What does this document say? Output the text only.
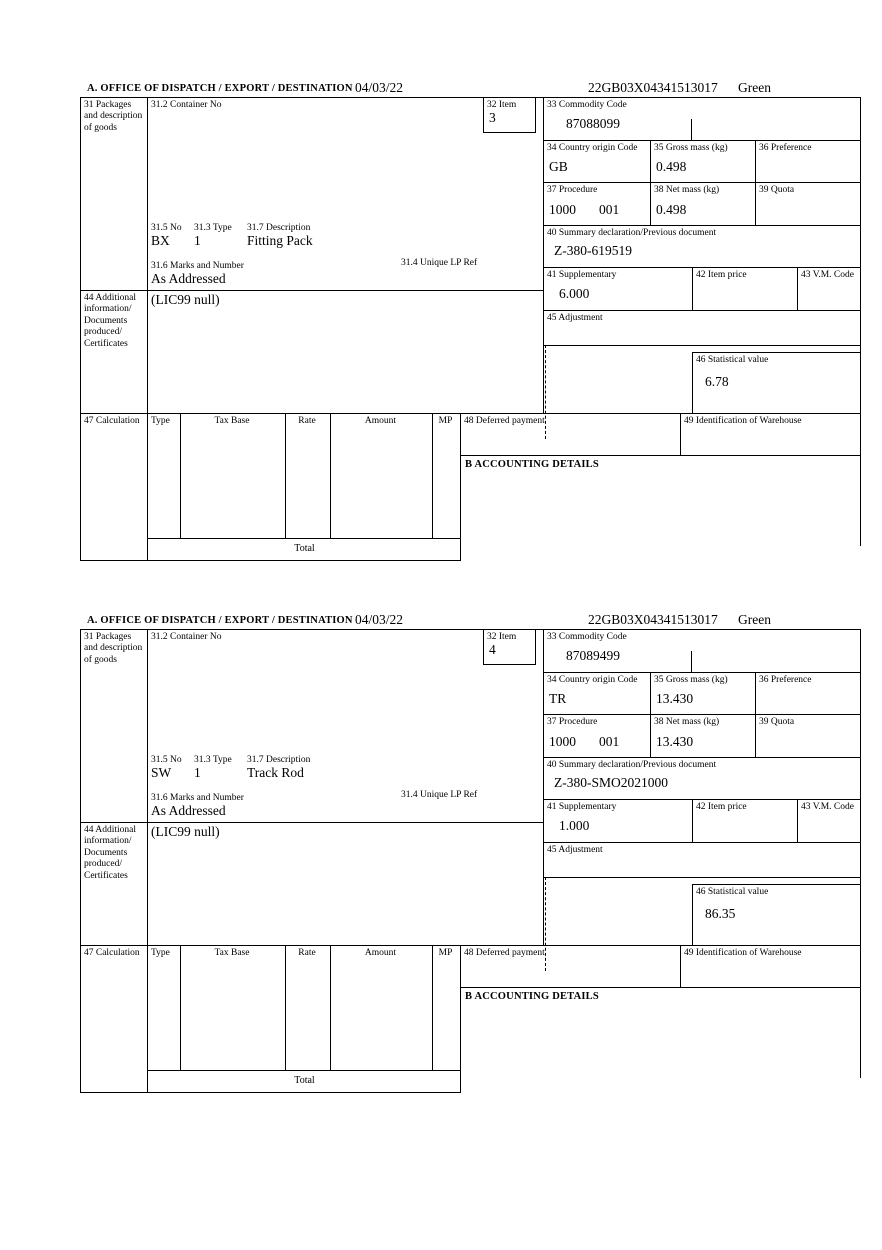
A. OFFICE OF DISPATCH / EXPORT / DESTINATION 04/03/22	22GB03X04341513017 Green
31 Packages and description of goods
44 Additional information/ Documents produced/ Certificates
47 Calculation
31.2 Container No
31.5 No 31.3 Type 31.7 Description
BX 1	Fitting Pack
31.6 Marks and Number	31.4 Unique LP Ref
As Addressed
32 Item
3
(LIC99 null)
33 Commodity Code
87088099
34 Country origin Code
GB
35 Gross mass (kg)
0.498
36 Preference
37 Procedure
1000 001
38 Net mass (kg)
0.498
39 Quota
40 Summary declaration/Previous document
Z-380-619519
41 Supplementary
6.000
42 Item price	43 V.M. Code
45 Adjustment
46 Statistical value
6.78
Type	Tax Base	Rate	Amount	MP
Total
48 Deferred payment	49 Identification of Warehouse
B ACCOUNTING DETAILS
A. OFFICE OF DISPATCH / EXPORT / DESTINATION 04/03/22	22GB03X04341513017 Green
31 Packages and description of goods
44 Additional information/ Documents produced/ Certificates
47 Calculation
31.2 Container No
31.5 No 31.3 Type 31.7 Description
SW 1	Track Rod
31.6 Marks and Number	31.4 Unique LP Ref
As Addressed
32 Item
4
(LIC99 null)
33 Commodity Code
87089499
34 Country origin Code
TR
35 Gross mass (kg)
13.430
36 Preference
37 Procedure
1000 001
38 Net mass (kg)
13.430
39 Quota
40 Summary declaration/Previous document
Z-380-SMO2021000
41 Supplementary
1.000
42 Item price	43 V.M. Code
45 Adjustment
46 Statistical value
86.35
Type	Tax Base	Rate	Amount	MP
Total
48 Deferred payment	49 Identification of Warehouse
B ACCOUNTING DETAILS
